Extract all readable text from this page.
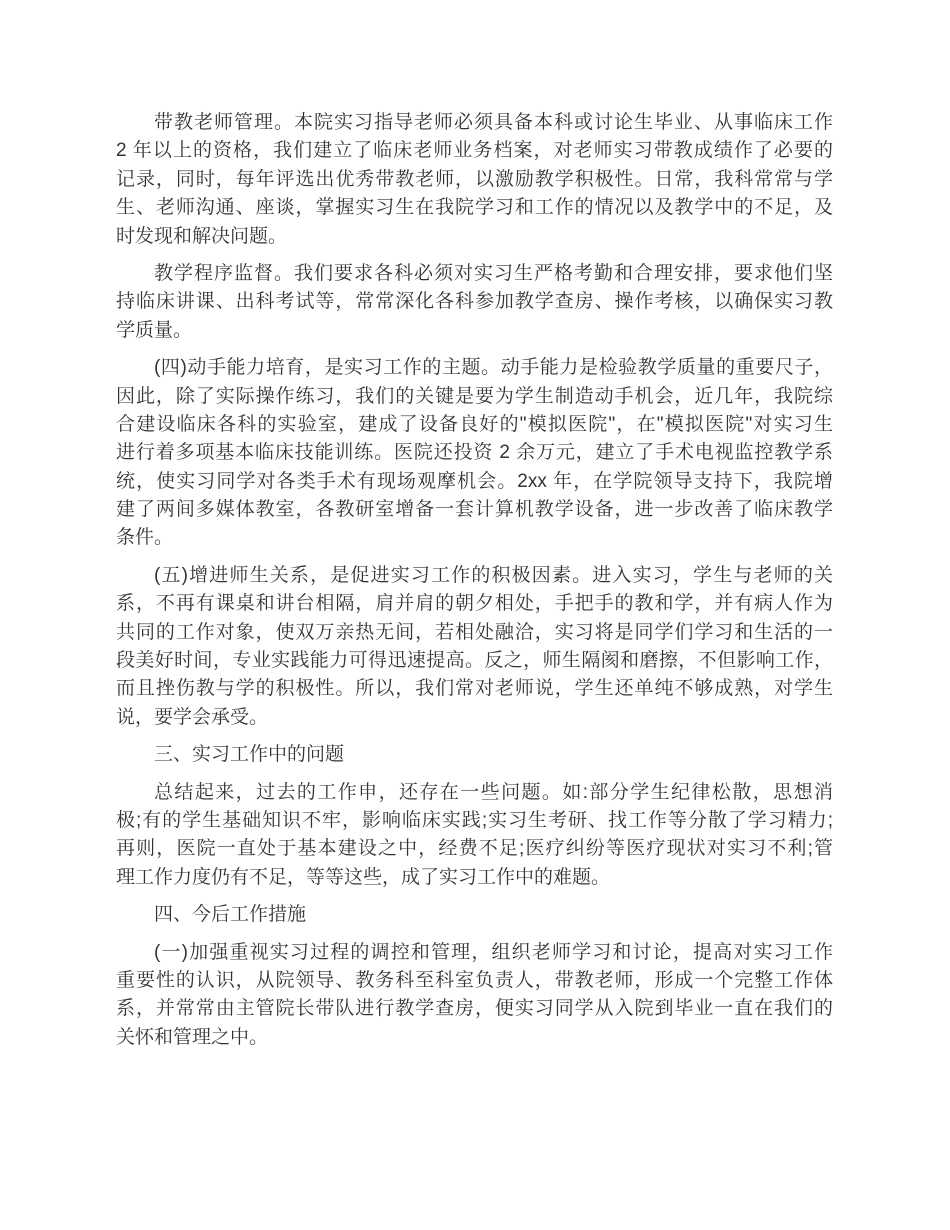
带教老师管理。本院实习指导老师必须具备本科或讨论生毕业、从事临床工作
2 年以上的资格，我们建立了临床老师业务档案，对老师实习带教成绩作了必要的
记录，同时，每年评选出优秀带教老师，以激励教学积极性。日常，我科常常与学
生、老师沟通、座谈，掌握实习生在我院学习和工作的情况以及教学中的不足，及
时发现和解决问题。
教学程序监督。我们要求各科必须对实习生严格考勤和合理安排，要求他们坚
持临床讲课、出科考试等，常常深化各科参加教学查房、操作考核，以确保实习教
学质量。
(四)动手能力培育，是实习工作的主题。动手能力是检验教学质量的重要尺子，
因此，除了实际操作练习，我们的关键是要为学生制造动手机会，近几年，我院综
合建设临床各科的实验室，建成了设备良好的"模拟医院"，在"模拟医院"对实习生
进行着多项基本临床技能训练。医院还投资 2 余万元，建立了手术电视监控教学系
统，使实习同学对各类手术有现场观摩机会。2xx 年，在学院领导支持下，我院增
建了两间多媒体教室，各教研室增备一套计算机教学设备，进一步改善了临床教学
条件。
(五)增进师生关系，是促进实习工作的积极因素。进入实习，学生与老师的关
系，不再有课桌和讲台相隔，肩并肩的朝夕相处，手把手的教和学，并有病人作为
共同的工作对象，使双万亲热无间，若相处融洽，实习将是同学们学习和生活的一
段美好时间，专业实践能力可得迅速提高。反之，师生隔阂和磨擦，不但影响工作，
而且挫伤教与学的积极性。所以，我们常对老师说，学生还单纯不够成熟，对学生
说，要学会承受。
三、实习工作中的问题
总结起来，过去的工作申，还存在一些问题。如:部分学生纪律松散，思想消
极;有的学生基础知识不牢，影响临床实践;实习生考研、找工作等分散了学习精力;
再则，医院一直处于基本建设之中，经费不足;医疗纠纷等医疗现状对实习不利;管
理工作力度仍有不足，等等这些，成了实习工作中的难题。
四、今后工作措施
(一)加强重视实习过程的调控和管理，组织老师学习和讨论，提高对实习工作
重要性的认识，从院领导、教务科至科室负责人，带教老师，形成一个完整工作体
系，并常常由主管院长带队进行教学查房，便实习同学从入院到毕业一直在我们的
关怀和管理之中。
